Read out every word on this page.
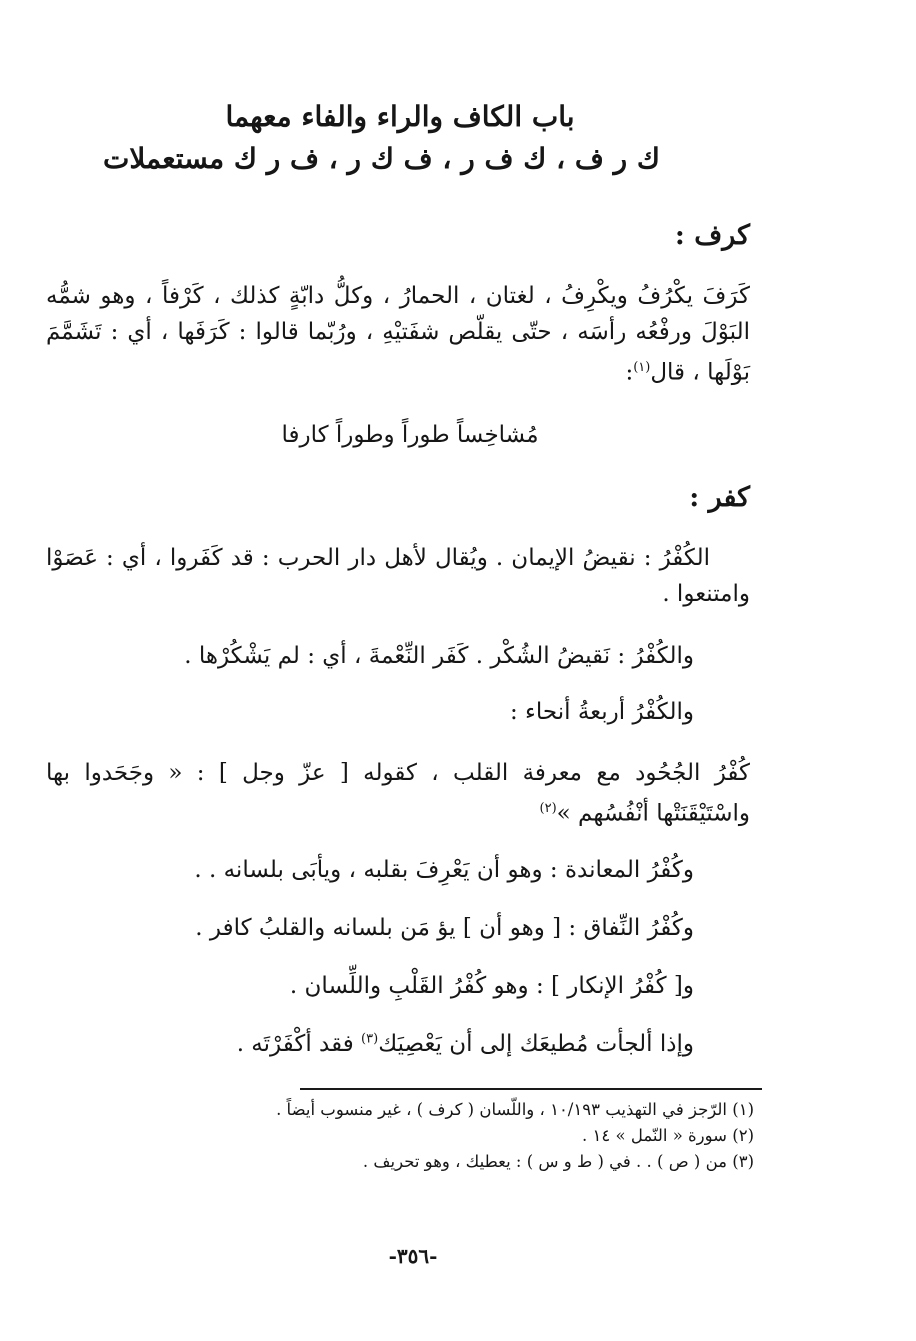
باب الكاف والراء والفاء معهما
ك ر ف ، ك ف ر ، ف ك ر ، ف ر ك مستعملات
كرف :
كَرَفَ يكْرُفُ ويكْرِفُ ، لغتان ، الحمارُ ، وكلُّ دابّةٍ كذلك ، كَرْفاً ، وهو شمُّه البَوْلَ ورفْعُه رأسَه ، حتّى يقلّص شفَتيْهِ ، ورُبّما قالوا : كَرَفَها ، أي : تَشَمَّمَ بَوْلَها ، قال$^{(١)}$:
مُشاخِساً طوراً وطوراً كارفا
كفر :
الكُفْرُ : نقيضُ الإيمان . ويُقال لأهل دار الحرب : قد كَفَروا ، أي : عَصَوْا وامتنعوا .
والكُفْرُ : نَقيضُ الشُكْر . كَفَر النِّعْمةَ ، أي : لم يَشْكُرْها .
والكُفْرُ أربعةُ أنحاء :
كُفْرُ الجُحُود مع معرفة القلب ، كقوله [ عزّ وجل ] : « وجَحَدوا بها واسْتَيْقَنَتْها أنْفُسُهم »$^{(٢)}$
وكُفْرُ المعاندة : وهو أن يَعْرِفَ بقلبه ، ويأبَى بلسانه . .
وكُفْرُ النِّفاق : [ وهو أن ] يؤ مَن بلسانه والقلبُ كافر .
و[ كُفْرُ الإنكار ] : وهو كُفْرُ القَلْبِ واللِّسان .
وإذا ألجأت مُطيعَك إلى أن يَعْصِيَك$^{(٣)}$ فقد أكْفَرْتَه .
(١) الرّجز في التهذيب ١٠/١٩٣ ، واللّسان ( كرف ) ، غير منسوب أيضاً .
(٢) سورة « النّمل » ١٤ .
(٣) من ( ص ) . . في ( ط و س ) : يعطيك ، وهو تحريف .
-٣٥٦-
